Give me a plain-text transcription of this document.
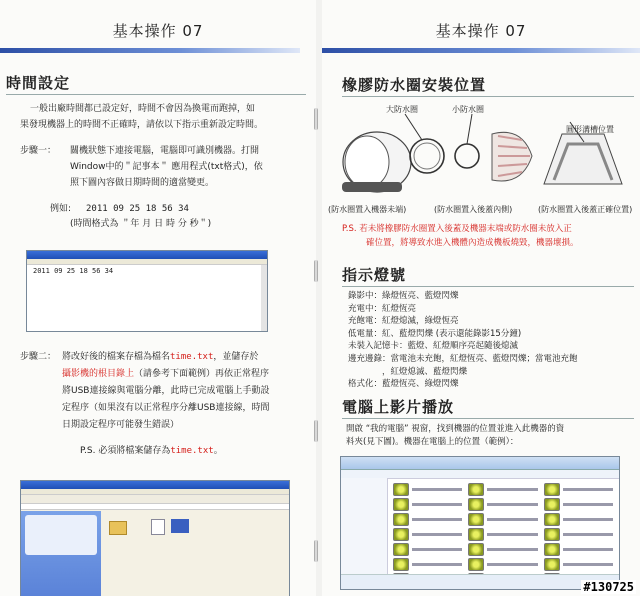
基本操作 07
時間設定
一般出廠時間都已設定好，時間不會因為換電而跑掉，如
果發現機器上的時間不正確時，請依以下指示重新設定時間。
步驟一： 關機狀態下連接電腦，電腦即可識別機器。打開
Window中的＂記事本＂ 應用程式(txt格式)，依
照下圖內容做日期時間的適當變更。
例如: 2011 09 25 18 56 34
(時間格式為 ＂年 月 日 時 分 秒＂)
2011 09 25 18 56 34
步驟二： 將改好後的檔案存檔為檔名time.txt，並儲存於
攝影機的根目錄上（請參考下面範例）再依正常程序
將USB連接線與電腦分離，此時已完成電腦上手動設
定程序（如果沒有以正常程序分離USB連接線，時間
日期設定程序可能發生錯誤）
P.S. 必須將檔案儲存為time.txt。
基本操作 07
橡膠防水圈安裝位置
大防水圈	小防水圈
圓形溝槽位置
(防水圈置入機器未端)	(防水圈置入後蓋內側)	(防水圈置入後蓋正確位置)
P.S. 若未將橡膠防水圈置入後蓋及機器末端或防水圈未放入正
確位置，將導致水進入機體內造成機板燒毀，機器壞損。
指示燈號
錄影中：綠燈恆亮、藍燈閃爍
充電中：紅燈恆亮
充飽電：紅燈熄滅，綠燈恆亮
低電量：紅、藍燈閃爍 (表示還能錄影15分鐘)
未裝入記憶卡：藍燈、紅燈順序亮起隨後熄滅
邊充邊錄：當電池未充飽，紅燈恆亮、藍燈閃爍；當電池充飽
　　　　，紅燈熄滅、藍燈閃爍
格式化：藍燈恆亮、綠燈閃爍
電腦上影片播放
開啟 “我的電腦” 視窗，找到機器的位置並進入此機器的資
料夾(見下圖)。機器在電腦上的位置（範例）：
#130725
